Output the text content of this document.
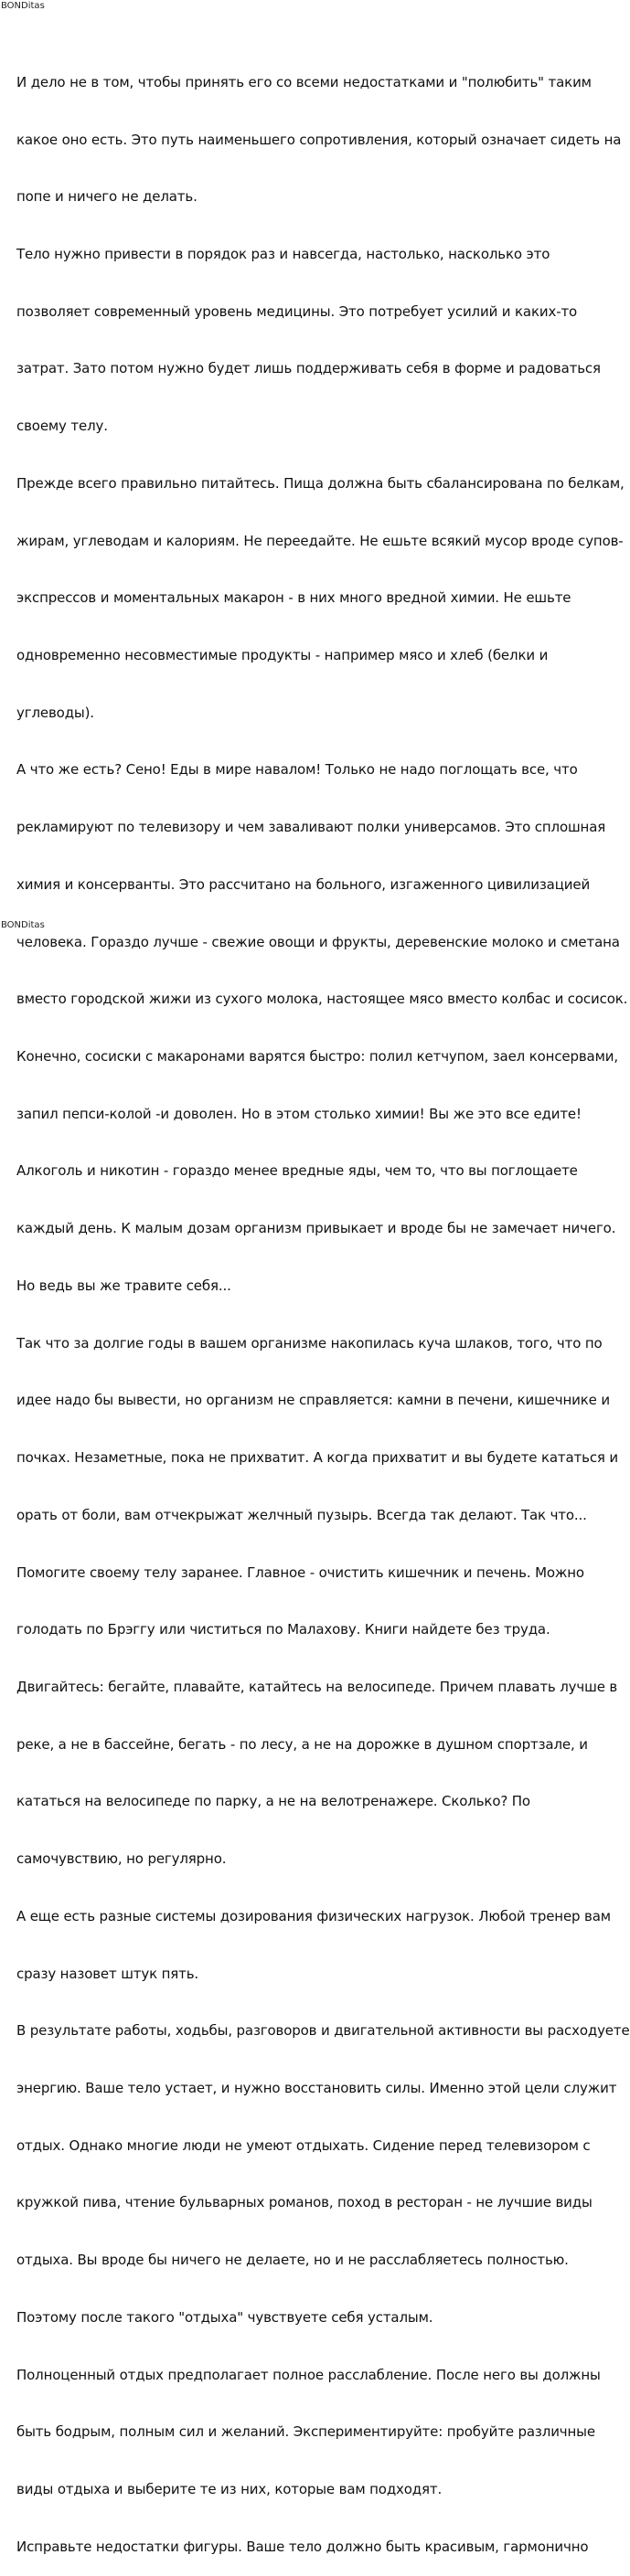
BONDitas

И дело не в том, чтобы принять его со всеми недостатками и "полюбить" таким

какое оно есть. Это путь наименьшего сопротивления, который означает сидеть на

попе и ничего не делать.

Тело нужно привести в порядок раз и навсегда, настолько, насколько это

позволяет современный уровень медицины. Это потребует усилий и каких-то

затрат. Зато потом нужно будет лишь поддерживать себя в форме и радоваться

своему телу.

Прежде всего правильно питайтесь. Пища должна быть сбалансирована по белкам,

жирам, углеводам и калориям. Не переедайте. Не ешьте всякий мусор вроде супов-

экспрессов и моментальных макарон - в них много вредной химии. Не ешьте

одновременно несовместимые продукты - например мясо и хлеб (белки и

углеводы).

А что же есть? Сено! Еды в мире навалом! Только не надо поглощать все, что

рекламируют по телевизору и чем заваливают полки универсамов. Это сплошная

химия и консерванты. Это рассчитано на больного, изгаженного цивилизацией

человека. Гораздо лучше - свежие овощи и фрукты, деревенские молоко и сметана

вместо городской жижи из сухого молока, настоящее мясо вместо колбас и сосисок.

Конечно, сосиски с макаронами варятся быстро: полил кетчупом, заел консервами,

запил пепси-колой -и доволен. Но в этом столько химии! Вы же это все едите!

Алкоголь и никотин - гораздо менее вредные яды, чем то, что вы поглощаете

каждый день. К малым дозам организм привыкает и вроде бы не замечает ничего.

Но ведь вы же травите себя...

Так что за долгие годы в вашем организме накопилась куча шлаков, того, что по

идее надо бы вывести, но организм не справляется: камни в печени, кишечнике и

почках. Незаметные, пока не прихватит. А когда прихватит и вы будете кататься и

орать от боли, вам отчекрыжат желчный пузырь. Всегда так делают. Так что...

Помогите своему телу заранее. Главное - очистить кишечник и печень. Можно

голодать по Брэггу или чиститься по Малахову. Книги найдете без труда.

Двигайтесь: бегайте, плавайте, катайтесь на велосипеде. Причем плавать лучше в

реке, а не в бассейне, бегать - по лесу, а не на дорожке в душном спортзале, и

кататься на велосипеде по парку, а не на велотренажере. Сколько? По

самочувствию, но регулярно.

А еще есть разные системы дозирования физических нагрузок. Любой тренер вам

сразу назовет штук пять.

В результате работы, ходьбы, разговоров и двигательной активности вы расходуете

энергию. Ваше тело устает, и нужно восстановить силы. Именно этой цели служит

отдых. Однако многие люди не умеют отдыхать. Сидение перед телевизором с

кружкой пива, чтение бульварных романов, поход в ресторан - не лучшие виды

отдыха. Вы вроде бы ничего не делаете, но и не расслабляетесь полностью.

Поэтому после такого "отдыха" чувствуете себя усталым.

Полноценный отдых предполагает полное расслабление. После него вы должны

быть бодрым, полным сил и желаний. Экспериментируйте: пробуйте различные

виды отдыха и выберите те из них, которые вам подходят.

Исправьте недостатки фигуры. Ваше тело должно быть красивым, гармонично

BONDitas
